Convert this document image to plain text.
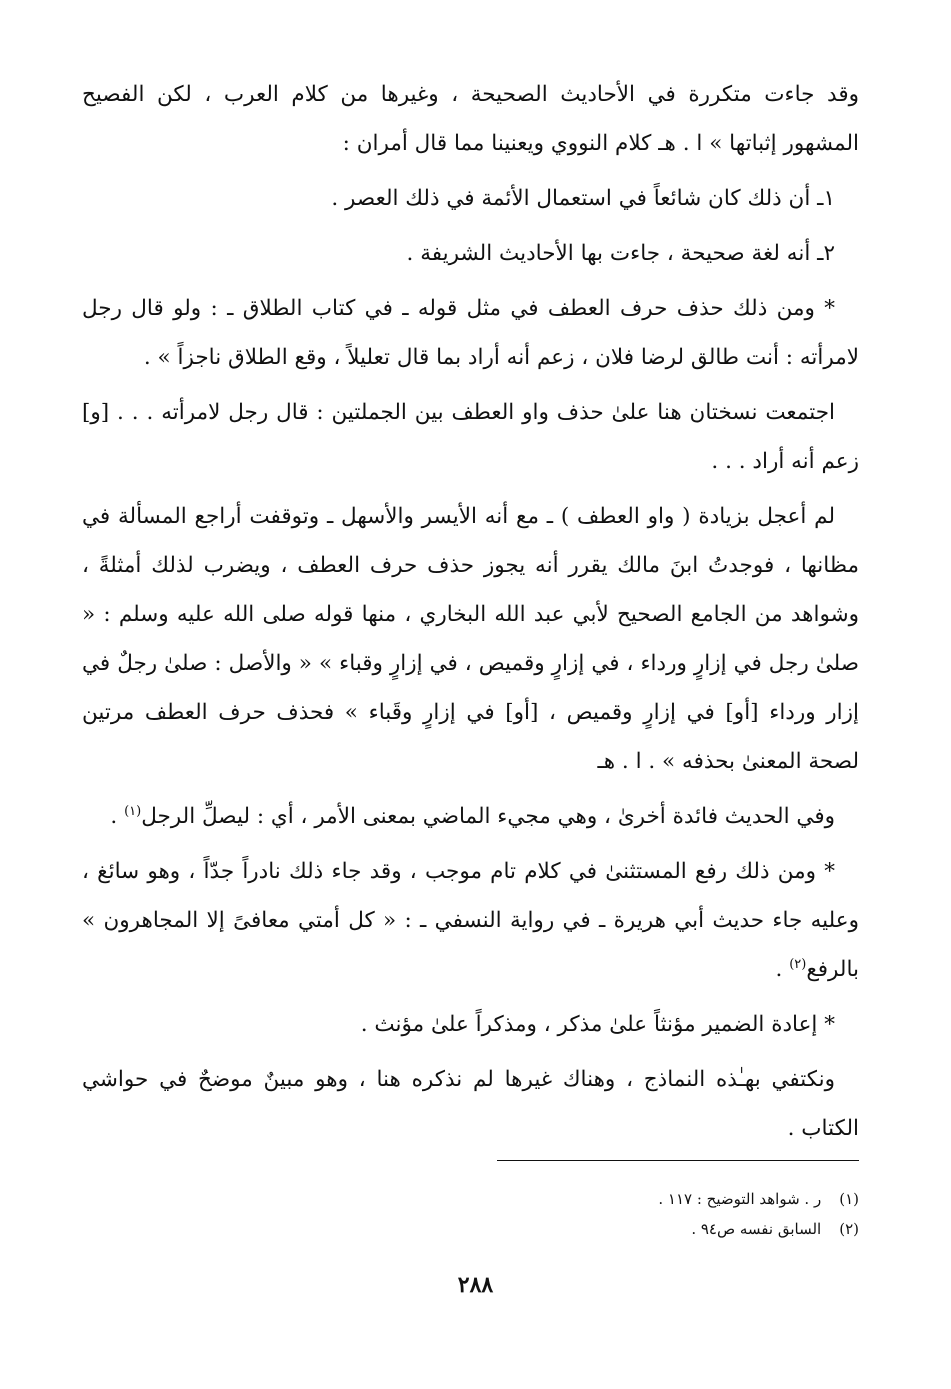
وقد جاءت متكررة في الأحاديث الصحيحة ، وغيرها من كلام العرب ، لكن الفصيح المشهور إثباتها » ا . هـ كلام النووي ويعنينا مما قال أمران :

١ـ أن ذلك كان شائعاً في استعمال الأئمة في ذلك العصر .

٢ـ أنه لغة صحيحة ، جاءت بها الأحاديث الشريفة .

* ومن ذلك حذف حرف العطف في مثل قوله ـ في كتاب الطلاق ـ : ولو قال رجل لامرأته : أنت طالق لرضا فلان ، زعم أنه أراد بما قال تعليلاً ، وقع الطلاق ناجزاً » .

اجتمعت نسختان هنا علىٰ حذف واو العطف بين الجملتين : قال رجل لامرأته . . . [و] زعم أنه أراد . . .

لم أعجل بزيادة ( واو العطف ) ـ مع أنه الأيسر والأسهل ـ وتوقفت أراجع المسألة في مظانها ، فوجدتُ ابنَ مالك يقرر أنه يجوز حذف حرف العطف ، ويضرب لذلك أمثلةً ، وشواهد من الجامع الصحيح لأبي عبد الله البخاري ، منها قوله صلى الله عليه وسلم : « صلىٰ رجل في إزارٍ ورداء ، في إزارٍ وقميص ، في إزارٍ وقباء » « والأصل : صلىٰ رجلٌ في إزار ورداء [أو] في إزارٍ وقميص ، [أو] في إزارٍ وقَباء » فحذف حرف العطف مرتين لصحة المعنىٰ بحذفه » . ا . هـ

وفي الحديث فائدة أخرىٰ ، وهي مجيء الماضي بمعنى الأمر ، أي : ليصلِّ الرجل$^{(١)}$ .

* ومن ذلك رفع المستثنىٰ في كلام تام موجب ، وقد جاء ذلك نادراً جدّاً ، وهو سائغ ، وعليه جاء حديث أبي هريرة ـ في رواية النسفي ـ : « كل أمتي معافىً إلا المجاهرون » بالرفع$^{(٢)}$ .

* إعادة الضمير مؤنثاً علىٰ مذكر ، ومذكراً علىٰ مؤنث .

ونكتفي بهـٰذه النماذج ، وهناك غيرها لم نذكره هنا ، وهو مبينٌ موضحٌ في حواشي الكتاب .

(١)
ر . شواهد التوضيح : ١١٧ .

(٢)
السابق نفسه ص٩٤ .

٢٨٨
